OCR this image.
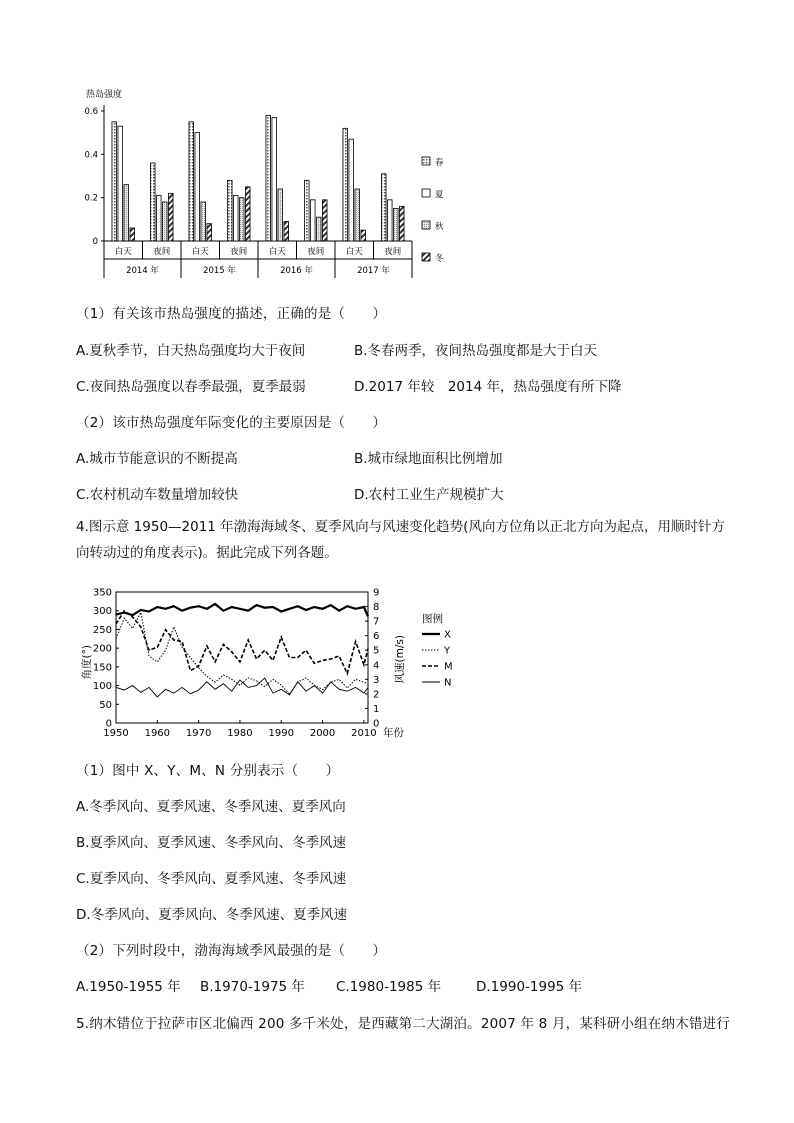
热岛强度
0
0.2
0.4
0.6
白天	夜间
2014 年
白天	夜间
2015 年
白天	夜间
2016 年
白天	夜间
2017 年
春
夏
秋
冬
（1）有关该市热岛强度的描述，正确的是（　　）
A.夏秋季节，白天热岛强度均大于夜间	B.冬春两季，夜间热岛强度都是大于白天
C.夜间热岛强度以春季最强，夏季最弱	D.2017 年较　2014 年，热岛强度有所下降
（2）该市热岛强度年际变化的主要原因是（　　）
A.城市节能意识的不断提高	B.城市绿地面积比例增加
C.农村机动车数量增加较快	D.农村工业生产规模扩大
4.图示意 1950—2011 年渤海海域冬、夏季风向与风速变化趋势(风向方位角以正北方向为起点，用顺时针方向转动过的角度表示)。据此完成下列各题。
0
50
100
150
200
250
300
350
0
1
2
3
4
5
6
7
8
9
1950 1960 1970 1980 1990 2000 2010 年份
角度(°)	风速(m/s)
图例
X
Y
M
N
（1）图中 X、Y、M、N 分别表示（　　）
A.冬季风向、夏季风速、冬季风速、夏季风向
B.夏季风向、夏季风速、冬季风向、冬季风速
C.夏季风向、冬季风向、夏季风速、冬季风速
D.冬季风向、夏季风向、冬季风速、夏季风速
（2）下列时段中，渤海海域季风最强的是（　　）
A.1950-1955 年 B.1970-1975 年 C.1980-1985 年	D.1990-1995 年
5.纳木错位于拉萨市区北偏西 200 多千米处，是西藏第二大湖泊。2007 年 8 月，某科研小组在纳木错进行
